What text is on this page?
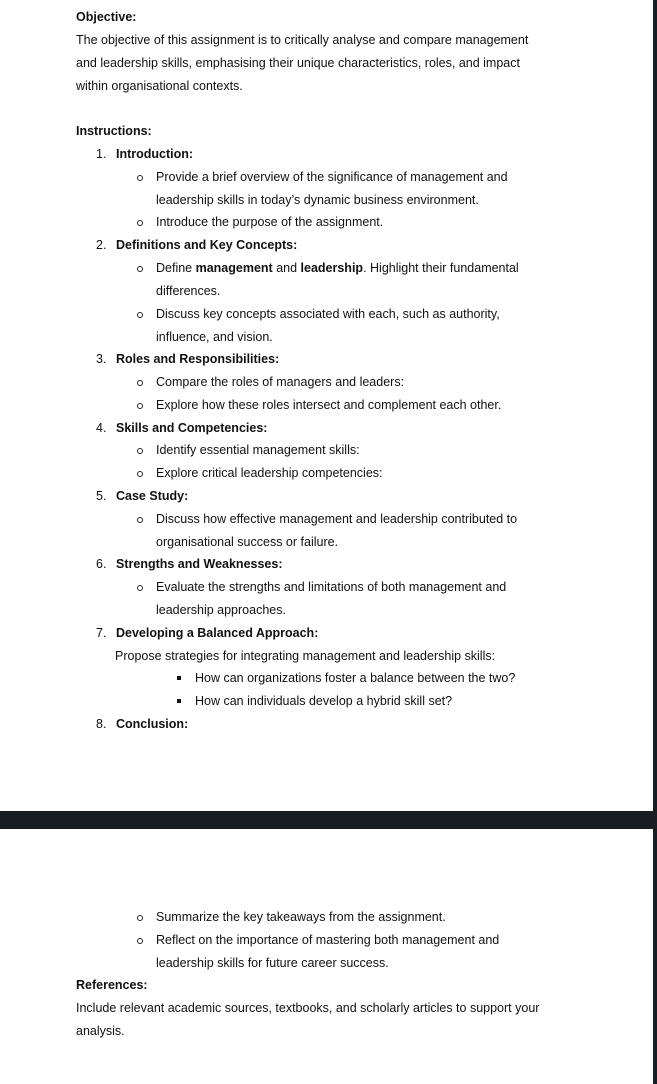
Objective:
The objective of this assignment is to critically analyse and compare management
and leadership skills, emphasising their unique characteristics, roles, and impact
within organisational contexts.
Instructions:
1. Introduction:
Provide a brief overview of the significance of management and
leadership skills in today’s dynamic business environment.
Introduce the purpose of the assignment.
2. Definitions and Key Concepts:
Define management and leadership. Highlight their fundamental
differences.
Discuss key concepts associated with each, such as authority,
influence, and vision.
3. Roles and Responsibilities:
Compare the roles of managers and leaders:
Explore how these roles intersect and complement each other.
4. Skills and Competencies:
Identify essential management skills:
Explore critical leadership competencies:
5. Case Study:
Discuss how effective management and leadership contributed to
organisational success or failure.
6. Strengths and Weaknesses:
Evaluate the strengths and limitations of both management and
leadership approaches.
7. Developing a Balanced Approach:
Propose strategies for integrating management and leadership skills:
How can organizations foster a balance between the two?
How can individuals develop a hybrid skill set?
8. Conclusion:
Summarize the key takeaways from the assignment.
Reflect on the importance of mastering both management and
leadership skills for future career success.
References:
Include relevant academic sources, textbooks, and scholarly articles to support your
analysis.
